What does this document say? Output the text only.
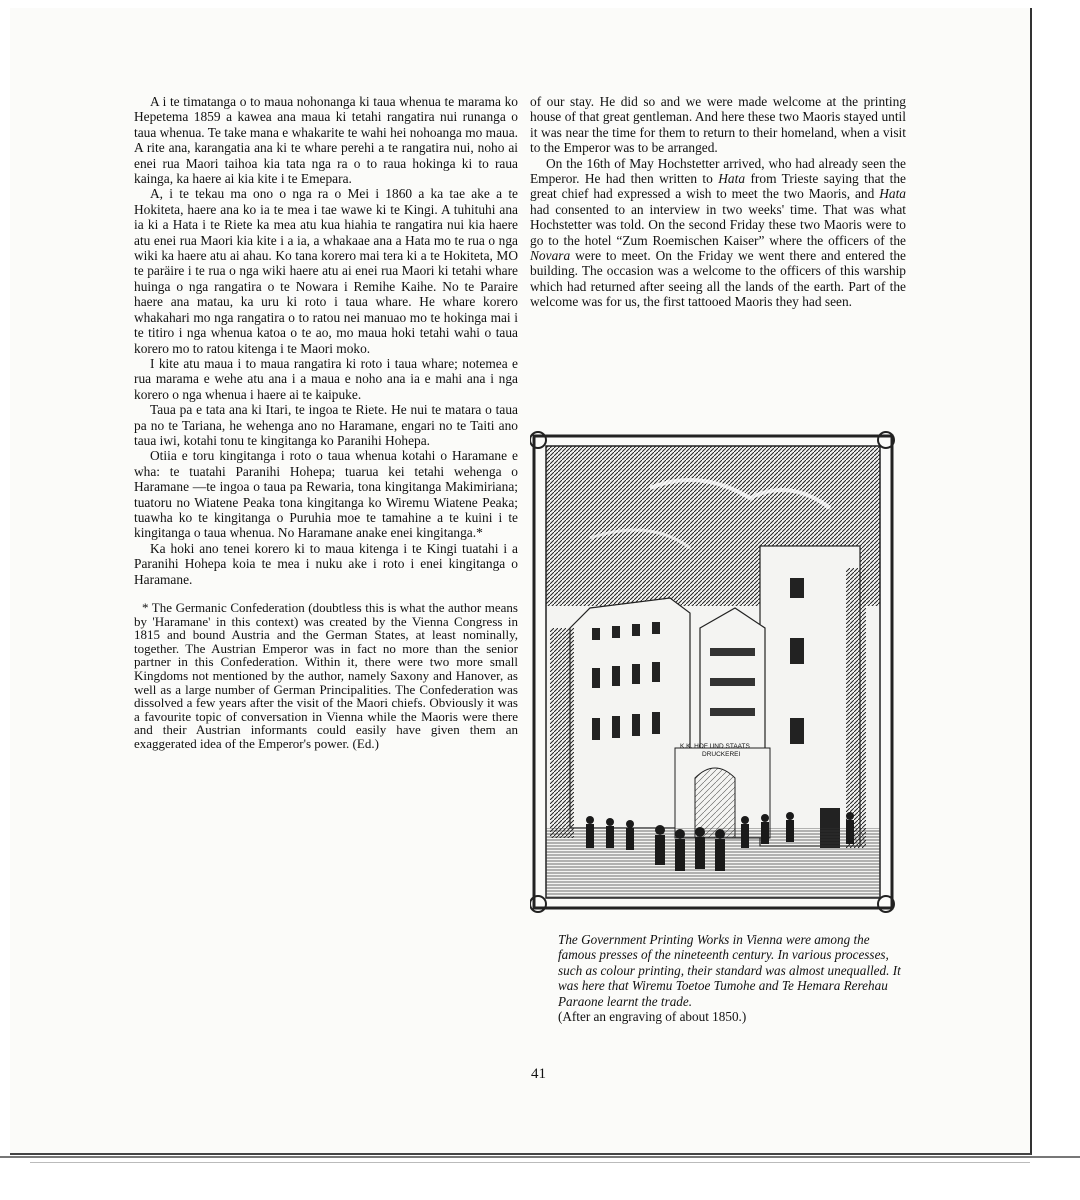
A i te timatanga o to maua nohonanga ki taua whenua te marama ko Hepetema 1859 a kawea ana maua ki tetahi rangatira nui runanga o taua whenua. Te take mana e whakarite te wahi hei nohoanga mo maua. A rite ana, karangatia ana ki te whare perehi a te rangatira nui, noho ai enei rua Maori taihoa kia tata nga ra o to raua hokinga ki to raua kainga, ka haere ai kia kite i te Emepara.

A, i te tekau ma ono o nga ra o Mei i 1860 a ka tae ake a te Hokiteta, haere ana ko ia te mea i tae wawe ki te Kingi. A tuhituhi ana ia ki a Hata i te Riete ka mea atu kua hiahia te rangatira nui kia haere atu enei rua Maori kia kite i a ia, a whakaae ana a Hata mo te rua o nga wiki ka haere atu ai ahau. Ko tana korero mai tera ki a te Hokiteta, MO te paräire i te rua o nga wiki haere atu ai enei rua Maori ki tetahi whare huinga o nga rangatira o te Nowara i Remihe Kaihe. No te Paraire haere ana matau, ka uru ki roto i taua whare. He whare korero whakahari mo nga rangatira o to ratou nei manuao mo te hokinga mai i te titiro i nga whenua katoa o te ao, mo maua hoki tetahi wahi o taua korero mo to ratou kitenga i te Maori moko.

I kite atu maua i to maua rangatira ki roto i taua whare; notemea e rua marama e wehe atu ana i a maua e noho ana ia e mahi ana i nga korero o nga whenua i haere ai te kaipuke.

Taua pa e tata ana ki Itari, te ingoa te Riete. He nui te matara o taua pa no te Tariana, he wehenga ano no Haramane, engari no te Taiti ano taua iwi, kotahi tonu te kingitanga ko Paranihi Hohepa.

Otiia e toru kingitanga i roto o taua whenua kotahi o Haramane e wha: te tuatahi Paranihi Hohepa; tuarua kei tetahi wehenga o Haramane —te ingoa o taua pa Rewaria, tona kingitanga Makimiriana; tuatoru no Wiatene Peaka tona kingitanga ko Wiremu Wiatene Peaka; tuawha ko te kingitanga o Puruhia moe te tamahine a te kuini i te kingitanga o taua whenua. No Haramane anake enei kingitanga.*

Ka hoki ano tenei korero ki to maua kitenga i te Kingi tuatahi i a Paranihi Hohepa koia te mea i nuku ake i roto i enei kingitanga o Haramane.

* The Germanic Confederation (doubtless this is what the author means by 'Haramane' in this context) was created by the Vienna Congress in 1815 and bound Austria and the German States, at least nominally, together. The Austrian Emperor was in fact no more than the senior partner in this Confederation. Within it, there were two more small Kingdoms not mentioned by the author, namely Saxony and Hanover, as well as a large number of German Principalities. The Confederation was dissolved a few years after the visit of the Maori chiefs. Obviously it was a favourite topic of conversation in Vienna while the Maoris were there and their Austrian informants could easily have given them an exaggerated idea of the Emperor's power. (Ed.)

of our stay. He did so and we were made welcome at the printing house of that great gentleman. And here these two Maoris stayed until it was near the time for them to return to their homeland, when a visit to the Emperor was to be arranged.

On the 16th of May Hochstetter arrived, who had already seen the Emperor. He had then written to Hata from Trieste saying that the great chief had expressed a wish to meet the two Maoris, and Hata had consented to an interview in two weeks' time. That was what Hochstetter was told. On the second Friday these two Maoris were to go to the hotel “Zum Roemischen Kaiser” where the officers of the Novara were to meet. On the Friday we went there and entered the building. The occasion was a welcome to the officers of this warship which had returned after seeing all the lands of the earth. Part of the welcome was for us, the first tattooed Maoris they had seen.

K.K. HOF UND STAATS
DRUCKEREI
The Government Printing Works in Vienna were among the famous presses of the nineteenth century. In various processes, such as colour printing, their standard was almost unequalled. It was here that Wiremu Toetoe Tumohe and Te Hemara Rerehau Paraone learnt the trade.
(After an engraving of about 1850.)
41
